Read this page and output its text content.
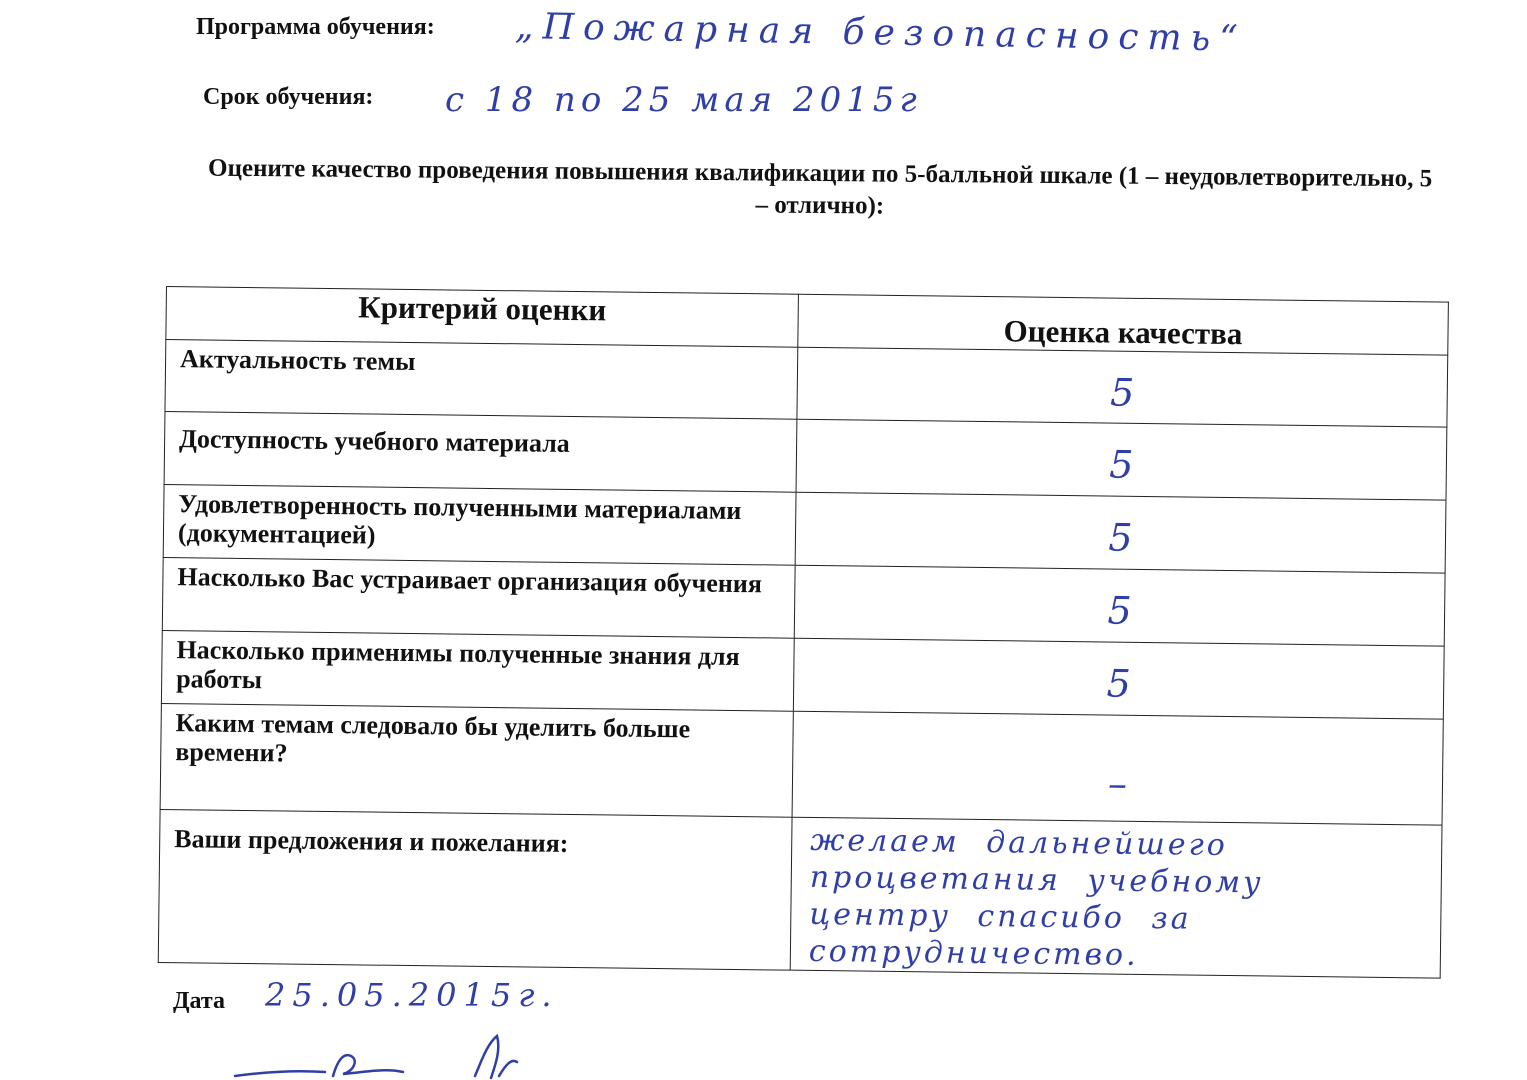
Программа обучения: „Пожарная безопасность“
Срок обучения: с 18 по 25 мая 2015г
Оцените качество проведения повышения квалификации по 5-балльной шкале (1 – неудовлетворительно, 5 – отлично):
Критерий оценки	Оценка качества
Актуальность темы	5
Доступность учебного материала	5
Удовлетворенность полученными материалами (документацией)	5
Насколько Вас устраивает организация обучения	5
Насколько применимы полученные знания для работы	5
Каким темам следовало бы уделить больше времени?	–
Ваши предложения и пожелания:	желаем дальнейшего процветания учебному центру спасибо за сотрудничество.
Дата 25.05.2015г.
